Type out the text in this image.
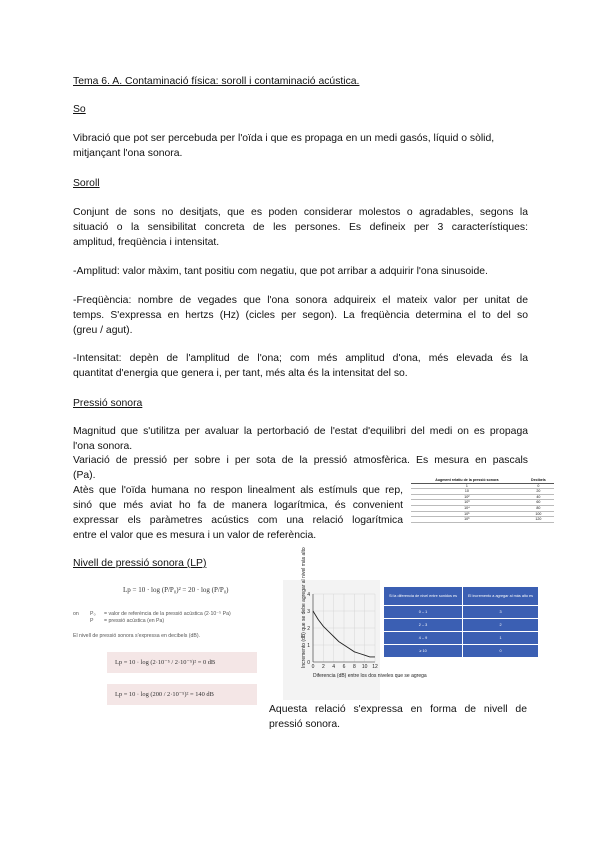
Tema 6. A. Contaminació física: soroll i contaminació acústica.
So
Vibració que pot ser percebuda per l'oïda i que es propaga en un medi gasós, líquid o sòlid, mitjançant l'ona sonora.
Soroll
Conjunt de sons no desitjats, que es poden considerar molestos o agradables, segons la
situació o la sensibilitat concreta de les persones. Es defineix per 3 característiques:
amplitud, freqüència i intensitat.
-Amplitud: valor màxim, tant positiu com negatiu, que pot arribar a adquirir l'ona sinusoide.
-Freqüència: nombre de vegades que l'ona sonora adquireix el mateix valor per unitat de
temps. S'expressa en hertzs (Hz) (cicles per segon). La freqüència determina el to del so
(greu / agut).
-Intensitat: depèn de l'amplitud de l'ona; com més amplitud d'ona, més elevada és la
quantitat d'energia que genera i, per tant, més alta és la intensitat del so.
Pressió sonora
Magnitud que s'utilitza per avaluar la pertorbació de l'estat d'equilibri del medi on es propaga
l'ona sonora.
Variació de pressió per sobre i per sota de la pressió atmosfèrica. Es mesura en pascals
(Pa).
Atès que l'oïda humana no respon linealment als estímuls que rep,
sinó que més aviat ho fa de manera logarítmica, és convenient
expressar els paràmetres acústics com una relació logarítmica
entre el valor que es mesura i un valor de referència.
Augment relatiu de la pressió sonora	Decibels
1	0
10	20
10²	40
10³	60
10⁴	80
10⁵	100
10⁶	120
Nivell de pressió sonora (LP)
Lp = 10 · log (P/P₀)² = 20 · log (P/P₀)
on P₀ = valor de referència de la pressió acústica (2·10⁻⁵ Pa)
P = pressió acústica (en Pa)
El nivell de pressió sonora s'expressa en decibels (dB).
Lp = 10 · log (2·10⁻⁵ / 2·10⁻⁵)² = 0 dB
Lp = 10 · log (200 / 2·10⁻⁵)² = 140 dB
0
1
2
3
4
0 2 4 6 8 10 12
Incremento (dB) que se debe agregar al nivel más alto
Diferencia (dB) entre los dos niveles que se agrega
Si la diferencia de nivel entre sonidos es	El incremento a agregar al más alto es
0 – 1	3
2 – 3	2
4 – 9	1
≥ 10	0
Aquesta relació s'expressa en forma de nivell de
pressió sonora.
